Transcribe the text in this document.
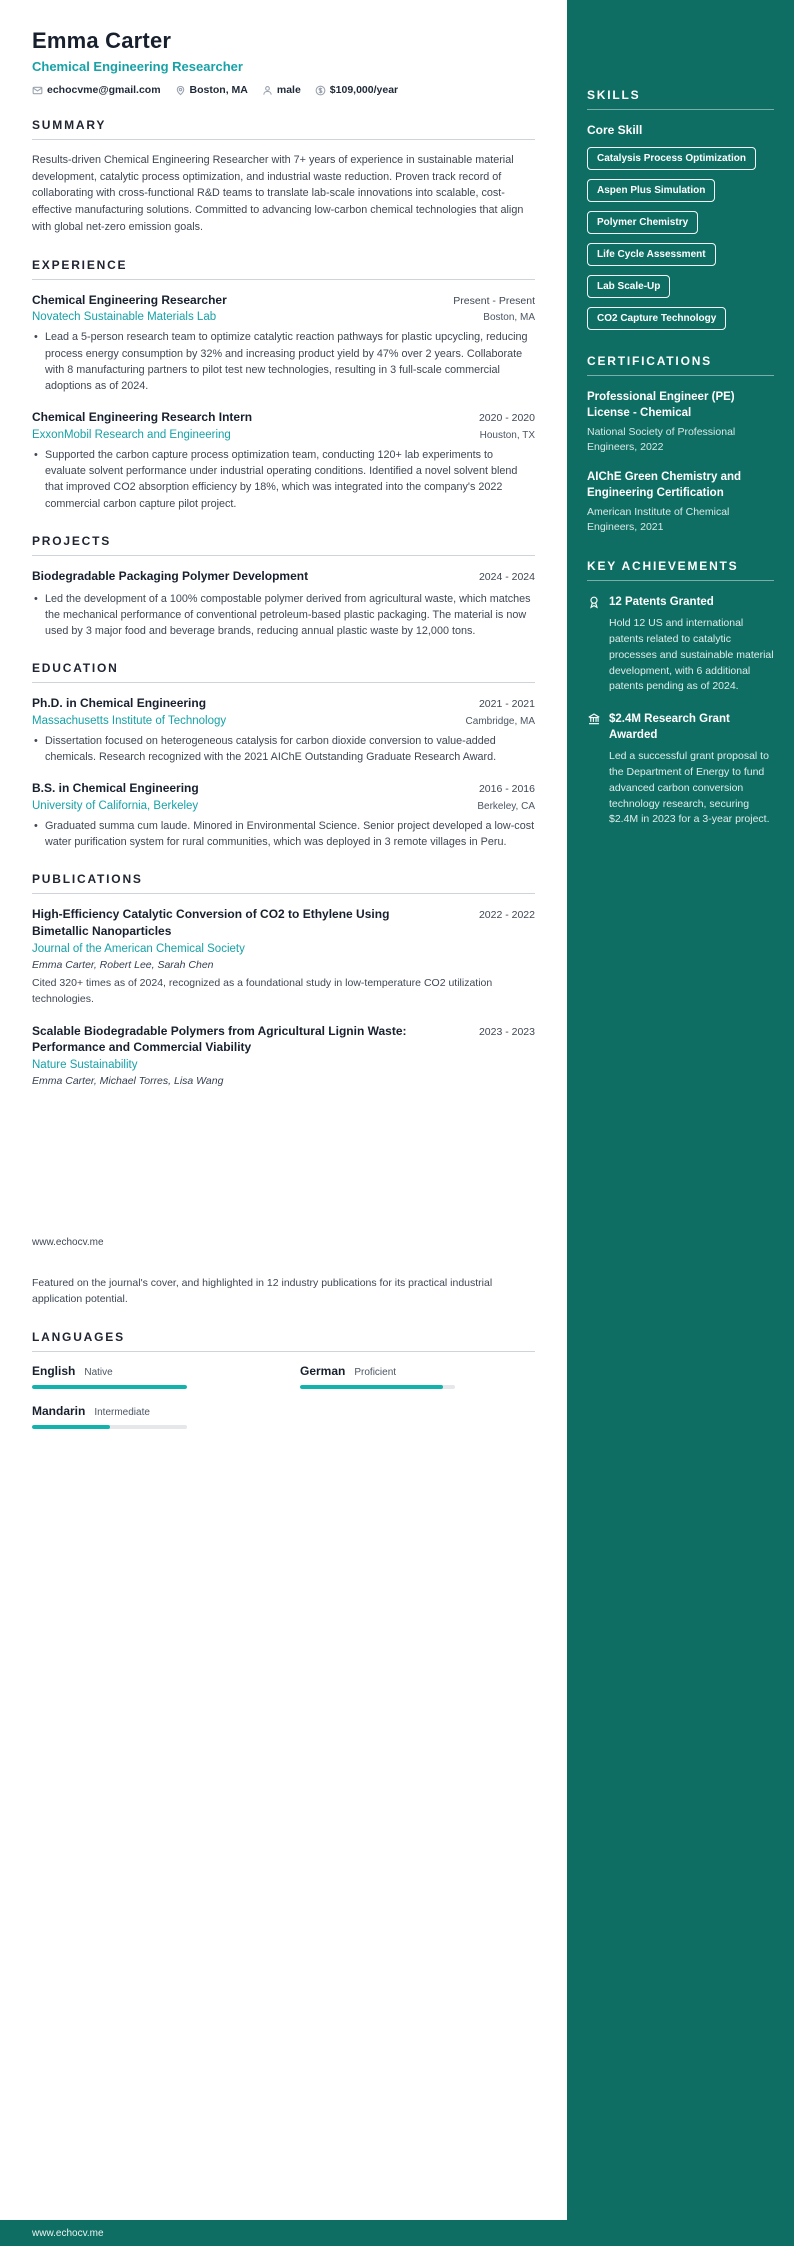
Emma Carter
Chemical Engineering Researcher
echocvme@gmail.com	Boston, MA	male	$109,000/year
SUMMARY

Results-driven Chemical Engineering Researcher with 7+ years of experience in sustainable material development, catalytic process optimization, and industrial waste reduction. Proven track record of collaborating with cross-functional R&D teams to translate lab-scale innovations into scalable, cost-effective manufacturing solutions. Committed to advancing low-carbon chemical technologies that align with global net-zero emission goals.

EXPERIENCE
Chemical Engineering Researcher	Present - Present
Novatech Sustainable Materials Lab	Boston, MA
• Lead a 5-person research team to optimize catalytic reaction pathways for plastic upcycling, reducing process energy consumption by 32% and increasing product yield by 47% over 2 years. Collaborate with 8 manufacturing partners to pilot test new technologies, resulting in 3 full-scale commercial adoptions as of 2024.
Chemical Engineering Research Intern	2020 - 2020
ExxonMobil Research and Engineering	Houston, TX
• Supported the carbon capture process optimization team, conducting 120+ lab experiments to evaluate solvent performance under industrial operating conditions. Identified a novel solvent blend that improved CO2 absorption efficiency by 18%, which was integrated into the company's 2022 commercial carbon capture pilot project.
PROJECTS
Biodegradable Packaging Polymer Development	2024 - 2024
• Led the development of a 100% compostable polymer derived from agricultural waste, which matches the mechanical performance of conventional petroleum-based plastic packaging. The material is now used by 3 major food and beverage brands, reducing annual plastic waste by 12,000 tons.
EDUCATION
Ph.D. in Chemical Engineering	2021 - 2021
Massachusetts Institute of Technology	Cambridge, MA
• Dissertation focused on heterogeneous catalysis for carbon dioxide conversion to value-added chemicals. Research recognized with the 2021 AIChE Outstanding Graduate Research Award.
B.S. in Chemical Engineering	2016 - 2016
University of California, Berkeley	Berkeley, CA
• Graduated summa cum laude. Minored in Environmental Science. Senior project developed a low-cost water purification system for rural communities, which was deployed in 3 remote villages in Peru.
PUBLICATIONS
High-Efficiency Catalytic Conversion of CO2 to Ethylene Using Bimetallic Nanoparticles
2022 - 2022
Journal of the American Chemical Society
Emma Carter, Robert Lee, Sarah Chen
Cited 320+ times as of 2024, recognized as a foundational study in low-temperature CO2 utilization technologies.
Scalable Biodegradable Polymers from Agricultural Lignin Waste: Performance and Commercial Viability
2023 - 2023
Nature Sustainability
Emma Carter, Michael Torres, Lisa Wang
www.echocv.me

Featured on the journal's cover, and highlighted in 12 industry publications for its practical industrial application potential.

LANGUAGES
English Native	German Proficient
Mandarin Intermediate
SKILLS
Core Skill
Catalysis Process Optimization
Aspen Plus Simulation
Polymer Chemistry
Life Cycle Assessment
Lab Scale-Up
CO2 Capture Technology
CERTIFICATIONS
Professional Engineer (PE) License - Chemical
National Society of Professional Engineers, 2022
AIChE Green Chemistry and Engineering Certification
American Institute of Chemical Engineers, 2021
KEY ACHIEVEMENTS
12 Patents Granted
Hold 12 US and international patents related to catalytic processes and sustainable material development, with 6 additional patents pending as of 2024.
$2.4M Research Grant Awarded
Led a successful grant proposal to the Department of Energy to fund advanced carbon conversion technology research, securing $2.4M in 2023 for a 3-year project.
www.echocv.me
